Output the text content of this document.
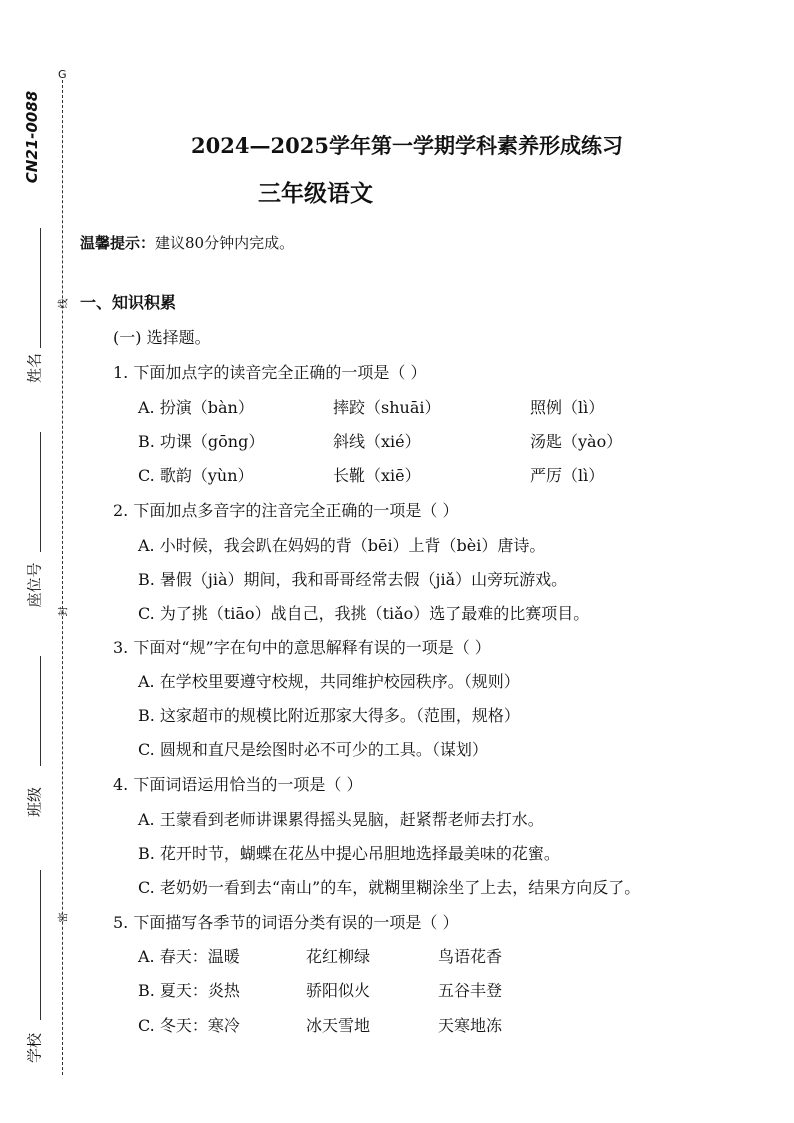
CN21-0088
G
线
封
密
姓名
座位号
班级
学校
2024—2025学年第一学期学科素养形成练习
三年级语文
温馨提示：建议80分钟内完成。
一、知识积累
(一) 选择题。
1. 下面加点字的读音完全正确的一项是（ ）
A. 扮演（bàn）	摔跤（shuāi）	照例（lì）
B. 功课（gōng）	斜线（xié）	汤匙（yào）
C. 歌韵（yùn）	长靴（xiē）	严厉（lì）
2. 下面加点多音字的注音完全正确的一项是（ ）
A. 小时候，我会趴在妈妈的背（bēi）上背（bèi）唐诗。
B. 暑假（jià）期间，我和哥哥经常去假（jiǎ）山旁玩游戏。
C. 为了挑（tiāo）战自己，我挑（tiǎo）选了最难的比赛项目。
3. 下面对“规”字在句中的意思解释有误的一项是（ ）
A. 在学校里要遵守校规，共同维护校园秩序。（规则）
B. 这家超市的规模比附近那家大得多。（范围，规格）
C. 圆规和直尺是绘图时必不可少的工具。（谋划）
4. 下面词语运用恰当的一项是（ ）
A. 王蒙看到老师讲课累得摇头晃脑，赶紧帮老师去打水。
B. 花开时节，蝴蝶在花丛中提心吊胆地选择最美味的花蜜。
C. 老奶奶一看到去“南山”的车，就糊里糊涂坐了上去，结果方向反了。
5. 下面描写各季节的词语分类有误的一项是（ ）
A. 春天：温暖	花红柳绿	鸟语花香
B. 夏天：炎热	骄阳似火	五谷丰登
C. 冬天：寒冷	冰天雪地	天寒地冻
